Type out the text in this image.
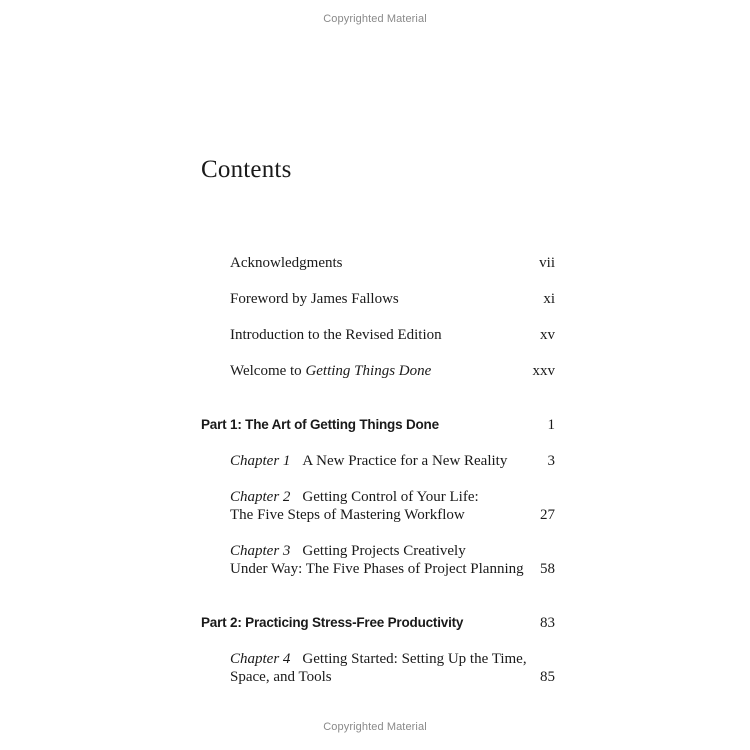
Copyrighted Material
Contents
Acknowledgments	vii
Foreword by James Fallows	xi
Introduction to the Revised Edition	xv
Welcome to Getting Things Done	xxv
Part 1: The Art of Getting Things Done	1
Chapter 1 A New Practice for a New Reality	3
Chapter 2 Getting Control of Your Life:
The Five Steps of Mastering Workflow	27
Chapter 3 Getting Projects Creatively
Under Way: The Five Phases of Project Planning	58
Part 2: Practicing Stress-Free Productivity	83
Chapter 4 Getting Started: Setting Up the Time,
Space, and Tools	85
Copyrighted Material
